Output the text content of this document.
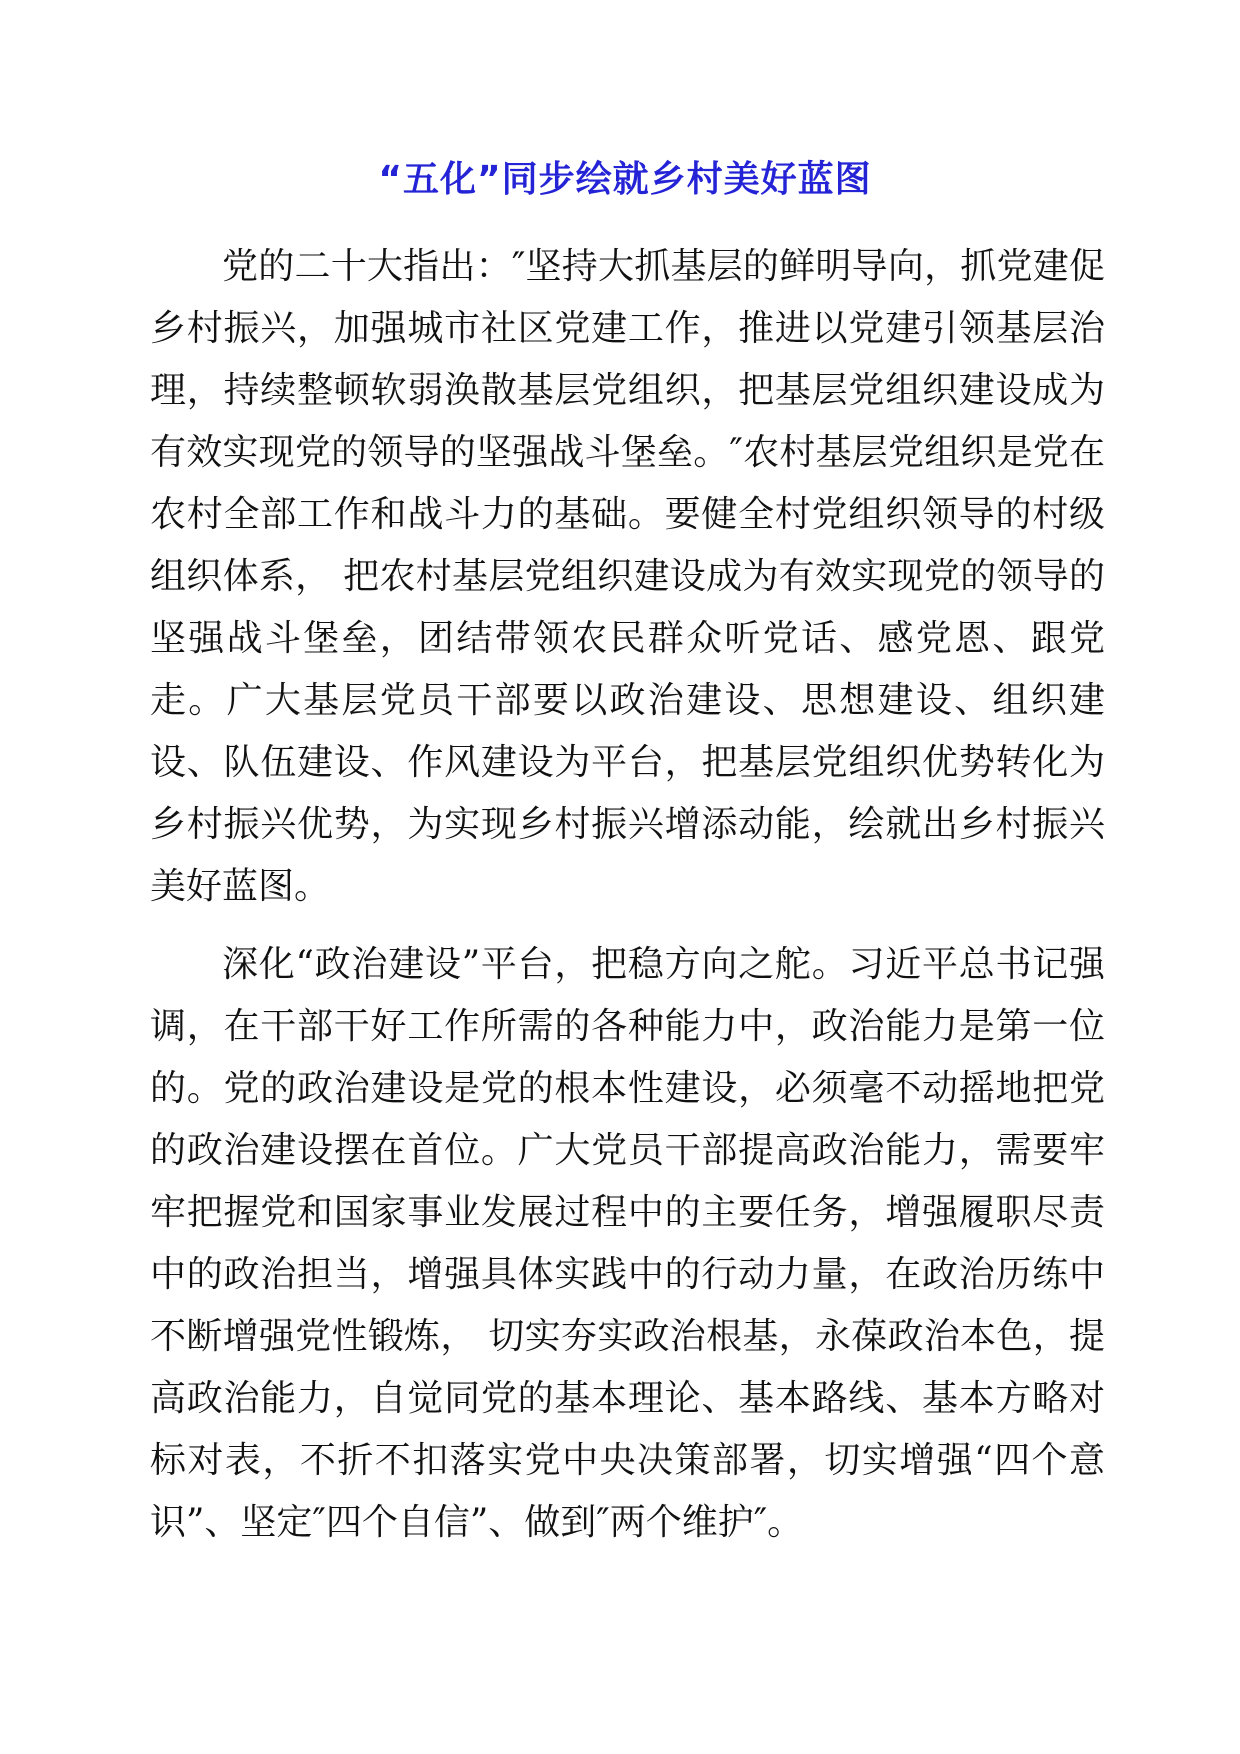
“五化”同步绘就乡村美好蓝图

党的二十大指出：″坚持大抓基层的鲜明导向，抓党建促乡村振兴，加强城市社区党建工作，推进以党建引领基层治理，持续整顿软弱涣散基层党组织，把基层党组织建设成为有效实现党的领导的坚强战斗堡垒。″农村基层党组织是党在农村全部工作和战斗力的基础。要健全村党组织领导的村级组织体系， 把农村基层党组织建设成为有效实现党的领导的坚强战斗堡垒，团结带领农民群众听党话、感党恩、跟党走。广大基层党员干部要以政治建设、思想建设、组织建设、队伍建设、作风建设为平台，把基层党组织优势转化为乡村振兴优势，为实现乡村振兴增添动能，绘就出乡村振兴美好蓝图。

深化“政治建设”平台，把稳方向之舵。习近平总书记强调，在干部干好工作所需的各种能力中，政治能力是第一位的。党的政治建设是党的根本性建设，必须毫不动摇地把党的政治建设摆在首位。广大党员干部提高政治能力，需要牢牢把握党和国家事业发展过程中的主要任务，增强履职尽责中的政治担当，增强具体实践中的行动力量，在政治历练中不断增强党性锻炼， 切实夯实政治根基，永葆政治本色，提高政治能力，自觉同党的基本理论、基本路线、基本方略对标对表，不折不扣落实党中央决策部署，切实增强“四个意识”、坚定″四个自信”、做到″两个维护″。
